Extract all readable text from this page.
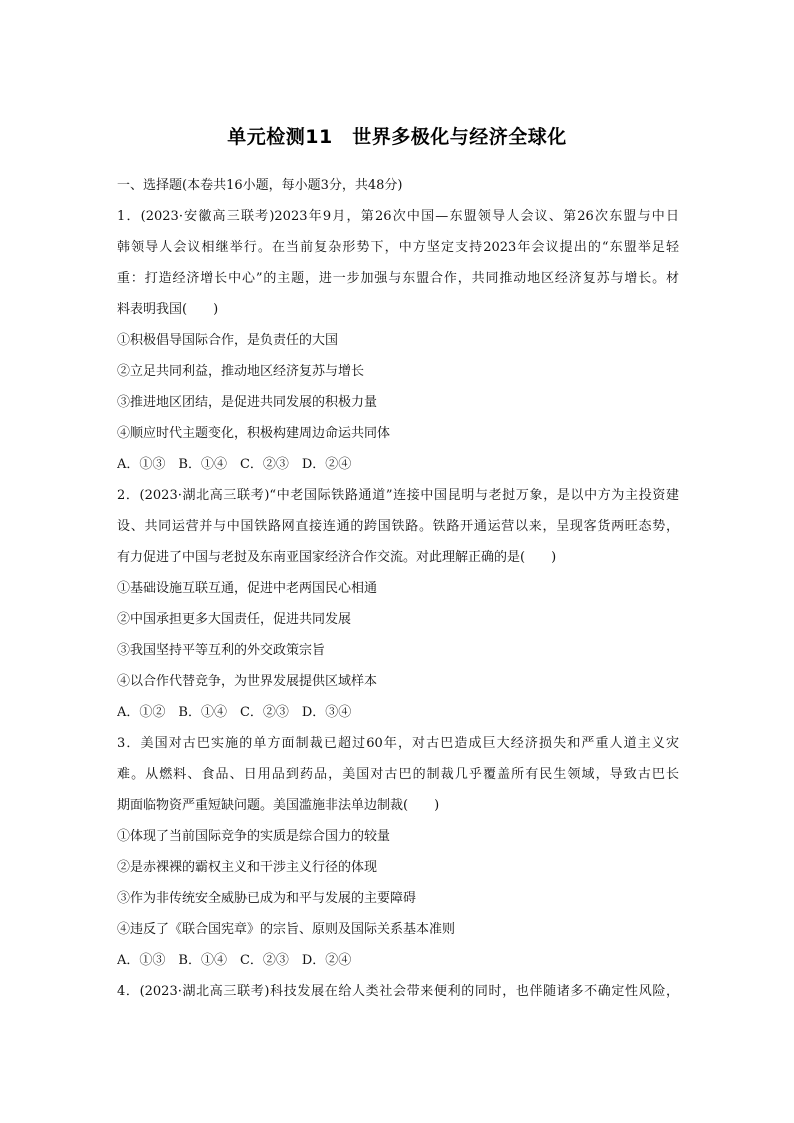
单元检测11　世界多极化与经济全球化
一、选择题(本卷共16小题，每小题3分，共48分)
1．(2023·安徽高三联考)2023年9月，第26次中国—东盟领导人会议、第26次东盟与中日
韩领导人会议相继举行。在当前复杂形势下，中方坚定支持2023年会议提出的“东盟举足轻
重：打造经济增长中心”的主题，进一步加强与东盟合作，共同推动地区经济复苏与增长。材
料表明我国(　　)
①积极倡导国际合作，是负责任的大国
②立足共同利益，推动地区经济复苏与增长
③推进地区团结，是促进共同发展的积极力量
④顺应时代主题变化，积极构建周边命运共同体
A．①③　B．①④　C．②③　D．②④
2．(2023·湖北高三联考)“中老国际铁路通道”连接中国昆明与老挝万象，是以中方为主投资建
设、共同运营并与中国铁路网直接连通的跨国铁路。铁路开通运营以来，呈现客货两旺态势，
有力促进了中国与老挝及东南亚国家经济合作交流。对此理解正确的是(　　)
①基础设施互联互通，促进中老两国民心相通
②中国承担更多大国责任，促进共同发展
③我国坚持平等互利的外交政策宗旨
④以合作代替竞争，为世界发展提供区域样本
A．①②　B．①④　C．②③　D．③④
3．美国对古巴实施的单方面制裁已超过60年，对古巴造成巨大经济损失和严重人道主义灾
难。从燃料、食品、日用品到药品，美国对古巴的制裁几乎覆盖所有民生领域，导致古巴长
期面临物资严重短缺问题。美国滥施非法单边制裁(　　)
①体现了当前国际竞争的实质是综合国力的较量
②是赤裸裸的霸权主义和干涉主义行径的体现
③作为非传统安全威胁已成为和平与发展的主要障碍
④违反了《联合国宪章》的宗旨、原则及国际关系基本准则
A．①③　B．①④　C．②③　D．②④
4．(2023·湖北高三联考)科技发展在给人类社会带来便利的同时，也伴随诸多不确定性风险，
